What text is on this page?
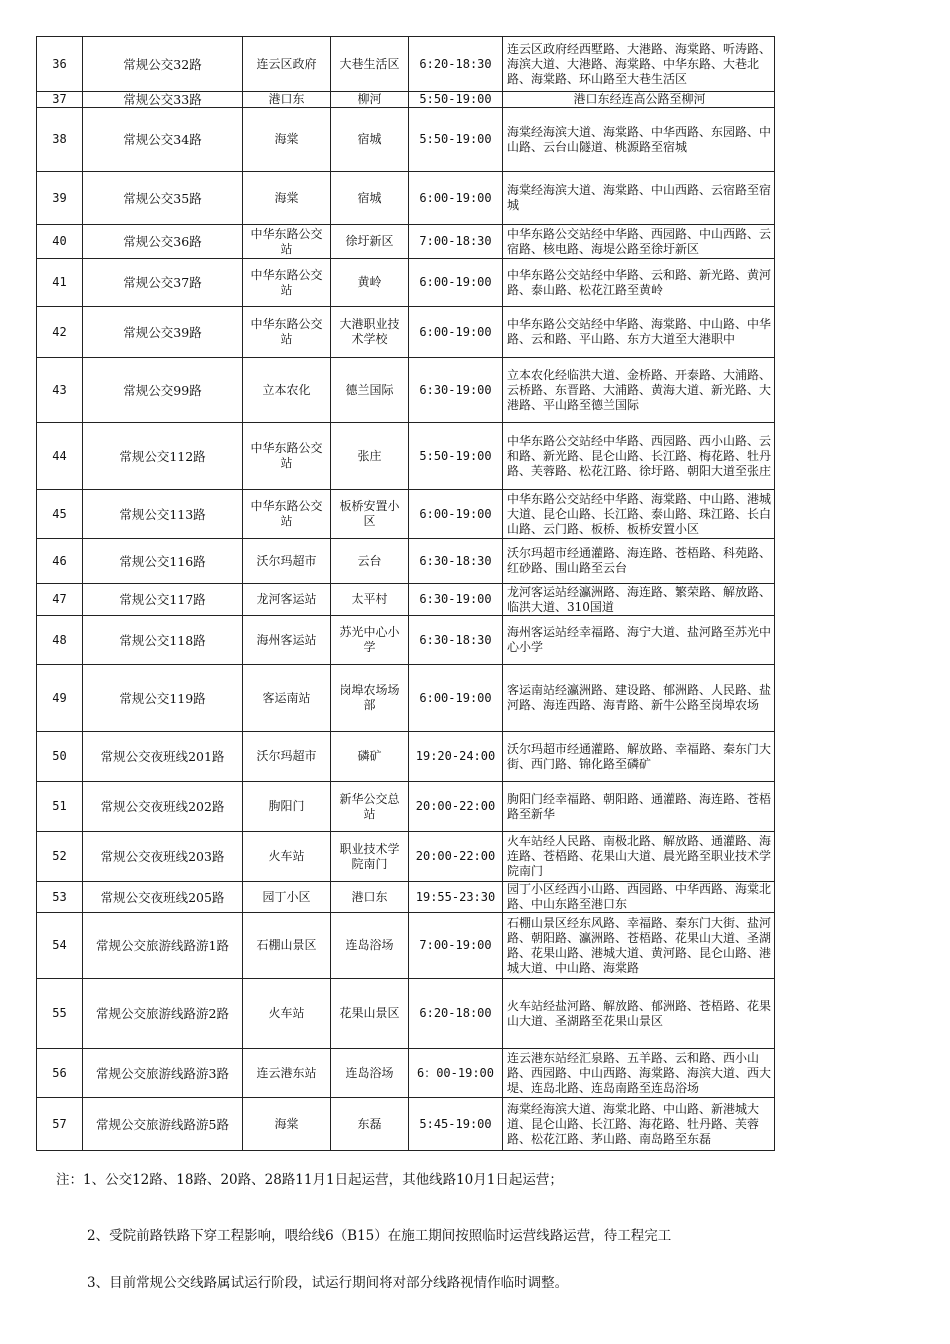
36	常规公交32路	连云区政府	大巷生活区	6:20-18:30	连云区政府经西墅路、大港路、海棠路、听涛路、海滨大道、大港路、海棠路、中华东路、大巷北路、海棠路、环山路至大巷生活区

37	常规公交33路	港口东	柳河	5:50-19:00	港口东经连高公路至柳河

38	常规公交34路	海棠	宿城	5:50-19:00	海棠经海滨大道、海棠路、中华西路、东园路、中山路、云台山隧道、桃源路至宿城

39	常规公交35路	海棠	宿城	6:00-19:00	海棠经海滨大道、海棠路、中山西路、云宿路至宿城

40	常规公交36路	中华东路公交站	徐圩新区	7:00-18:30	中华东路公交站经中华路、西园路、中山西路、云宿路、核电路、海堤公路至徐圩新区

41	常规公交37路	中华东路公交站	黄岭	6:00-19:00	中华东路公交站经中华路、云和路、新光路、黄河路、泰山路、松花江路至黄岭

42	常规公交39路	中华东路公交站	大港职业技术学校	6:00-19:00	中华东路公交站经中华路、海棠路、中山路、中华路、云和路、平山路、东方大道至大港职中

43	常规公交99路	立本农化	德兰国际	6:30-19:00	立本农化经临洪大道、金桥路、开泰路、大浦路、云桥路、东晋路、大浦路、黄海大道、新光路、大港路、平山路至德兰国际

44	常规公交112路	中华东路公交站	张庄	5:50-19:00	中华东路公交站经中华路、西园路、西小山路、云和路、新光路、昆仑山路、长江路、梅花路、牡丹路、芙蓉路、松花江路、徐圩路、朝阳大道至张庄

45	常规公交113路	中华东路公交站	板桥安置小区	6:00-19:00	中华东路公交站经中华路、海棠路、中山路、港城大道、昆仑山路、长江路、泰山路、珠江路、长白山路、云门路、板桥、板桥安置小区

46	常规公交116路	沃尔玛超市	云台	6:30-18:30	沃尔玛超市经通灌路、海连路、苍梧路、科苑路、红砂路、围山路至云台

47	常规公交117路	龙河客运站	太平村	6:30-19:00	龙河客运站经瀛洲路、海连路、繁荣路、解放路、临洪大道、310国道

48	常规公交118路	海州客运站	苏光中心小学	6:30-18:30	海州客运站经幸福路、海宁大道、盐河路至苏光中心小学

49	常规公交119路	客运南站	岗埠农场场部	6:00-19:00	客运南站经瀛洲路、建设路、郁洲路、人民路、盐河路、海连西路、海青路、新牛公路至岗埠农场

50	常规公交夜班线201路	沃尔玛超市	磷矿	19:20-24:00	沃尔玛超市经通灌路、解放路、幸福路、秦东门大街、西门路、锦化路至磷矿

51	常规公交夜班线202路	朐阳门	新华公交总站	20:00-22:00	朐阳门经幸福路、朝阳路、通灌路、海连路、苍梧路至新华

52	常规公交夜班线203路	火车站	职业技术学院南门	20:00-22:00	火车站经人民路、南极北路、解放路、通灌路、海连路、苍梧路、花果山大道、晨光路至职业技术学院南门

53	常规公交夜班线205路	园丁小区	港口东	19:55-23:30	园丁小区经西小山路、西园路、中华西路、海棠北路、中山东路至港口东

54	常规公交旅游线路游1路	石棚山景区	连岛浴场	7:00-19:00	石棚山景区经东风路、幸福路、秦东门大街、盐河路、朝阳路、瀛洲路、苍梧路、花果山大道、圣湖路、花果山路、港城大道、黄河路、昆仑山路、港城大道、中山路、海棠路

55	常规公交旅游线路游2路	火车站	花果山景区	6:20-18:00	火车站经盐河路、解放路、郁洲路、苍梧路、花果山大道、圣湖路至花果山景区

56	常规公交旅游线路游3路	连云港东站	连岛浴场	6：00-19:00	连云港东站经汇泉路、五羊路、云和路、西小山路、西园路、中山西路、海棠路、海滨大道、西大堤、连岛北路、连岛南路至连岛浴场

57	常规公交旅游线路游5路	海棠	东磊	5:45-19:00	海棠经海滨大道、海棠北路、中山路、新港城大道、昆仑山路、长江路、海花路、牡丹路、芙蓉路、松花江路、茅山路、南岛路至东磊
注：1、公交12路、18路、20路、28路11月1日起运营，其他线路10月1日起运营；
2、受院前路铁路下穿工程影响，喂给线6（B15）在施工期间按照临时运营线路运营，待工程完工
3、目前常规公交线路属试运行阶段，试运行期间将对部分线路视情作临时调整。
